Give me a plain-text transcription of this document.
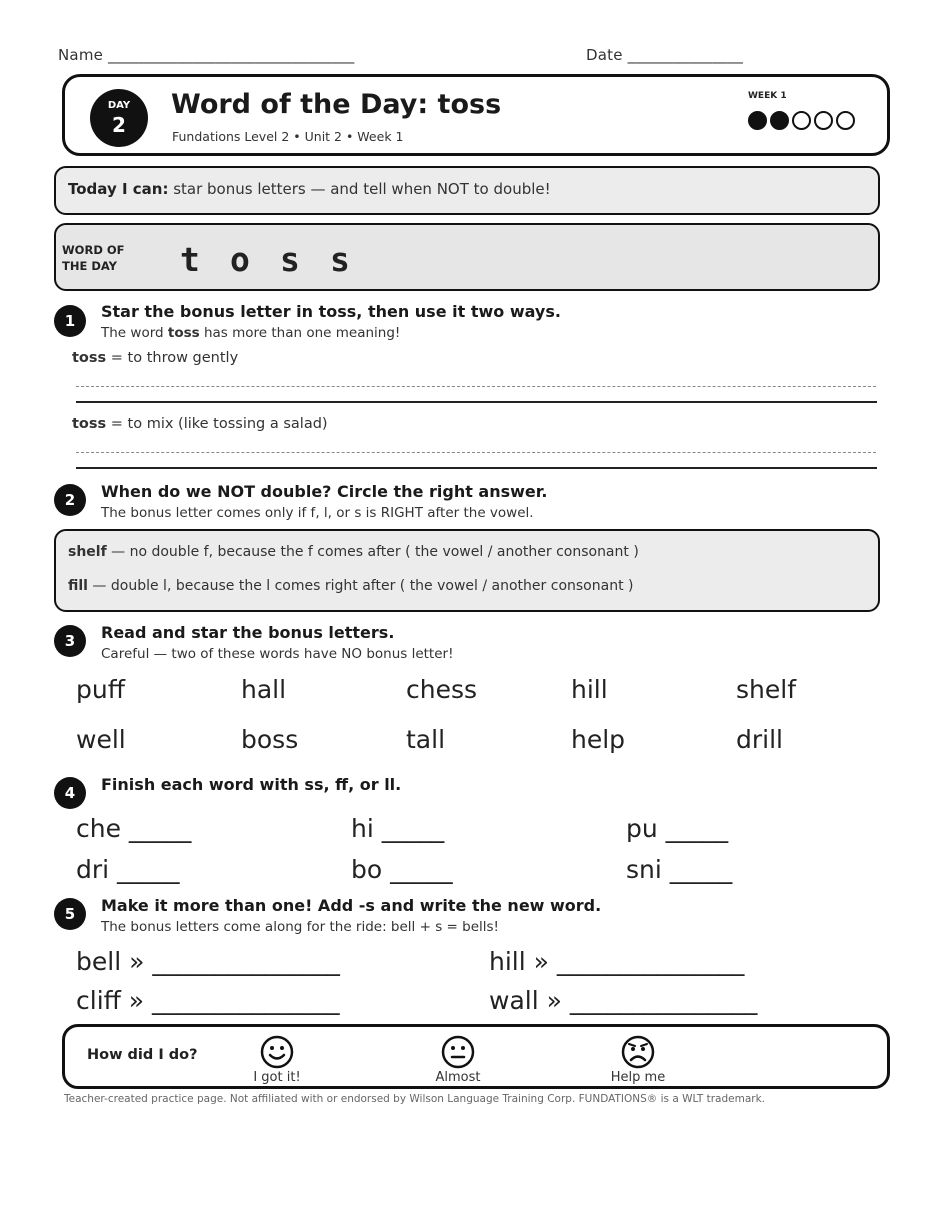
Name ________________________________	Date _______________
DAY
2
Word of the Day: toss
Fundations Level 2 • Unit 2 • Week 1
WEEK 1
Today I can: star bonus letters — and tell when NOT to double!
WORD OF
THE DAY t o s s
1	Star the bonus letter in toss, then use it two ways.
The word toss has more than one meaning!
toss = to throw gently
toss = to mix (like tossing a salad)
2	When do we NOT double? Circle the right answer.
The bonus letter comes only if f, l, or s is RIGHT after the vowel.
shelf — no double f, because the f comes after ( the vowel / another consonant )
fill — double l, because the l comes right after ( the vowel / another consonant )
3	Read and star the bonus letters.
Careful — two of these words have NO bonus letter!
puff	hall	chess	hill	shelf
well	boss	tall	help	drill
4	Finish each word with ss, ff, or ll.
che _____	hi _____	pu _____
dri _____	bo _____	sni _____
5	Make it more than one! Add -s and write the new word.
The bonus letters come along for the ride: bell + s = bells!
bell » _______________	hill » _______________
cliff » _______________	wall » _______________
How did I do?
I got it!	Almost	Help me
Teacher-created practice page. Not affiliated with or endorsed by Wilson Language Training Corp. FUNDATIONS® is a WLT trademark.
